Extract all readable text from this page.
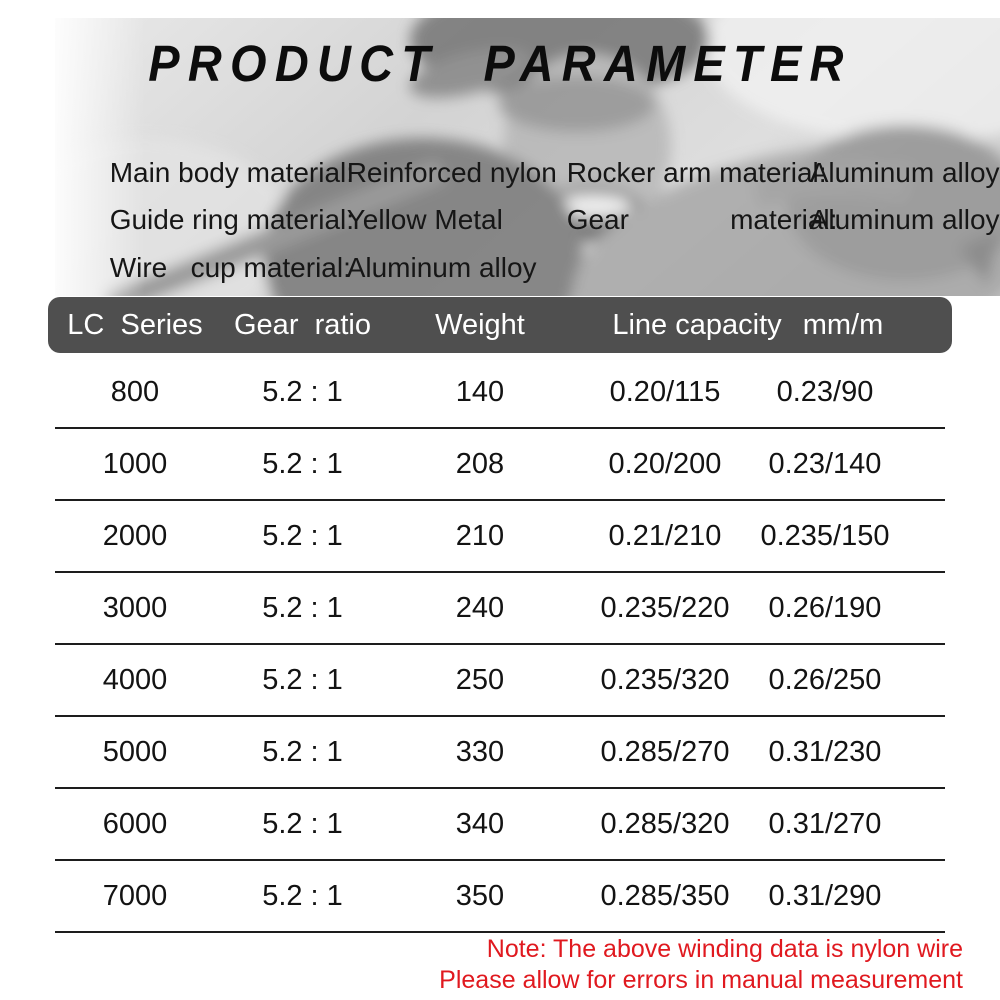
PRODUCT PARAMETER

Main body material:Reinforced nylon

Guide ring material:Yellow Metal

Wire   cup material:Aluminum alloy

Rocker arm material:Aluminum alloy

Gear             material:Aluminum alloy

LC  Series	Gear  ratio	Weight	Line capacity mm/m
800	5.2 : 1	140	0.20/115	0.23/90
1000	5.2 : 1	208	0.20/200	0.23/140
2000	5.2 : 1	210	0.21/210	0.235/150
3000	5.2 : 1	240	0.235/220	0.26/190
4000	5.2 : 1	250	0.235/320	0.26/250
5000	5.2 : 1	330	0.285/270	0.31/230
6000	5.2 : 1	340	0.285/320	0.31/270
7000	5.2 : 1	350	0.285/350	0.31/290
Note: The above winding data is nylon wire
Please allow for errors in manual measurement
